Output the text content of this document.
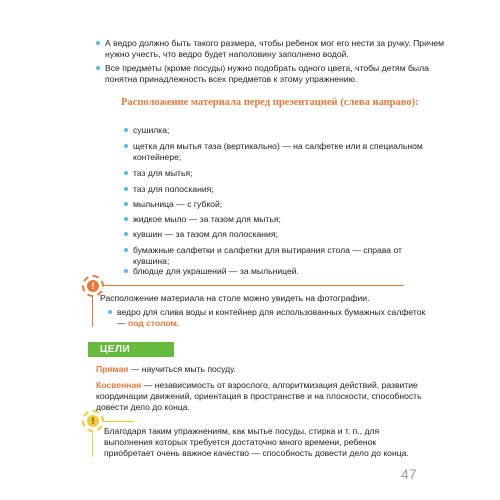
А ведро должно быть такого размера, чтобы ребенок мог его нести за ручку. Причем нужно учесть, что ведро будет наполовину заполнено водой.
Все предметы (кроме посуды) нужно подобрать одного цвета, чтобы детям была понятна принадлежность всех предметов к этому упражнению.
Расположение материала перед презентацией (слева направо):
сушилка;
щетка для мытья таза (вертикально) — на салфетке или в специальном контейнере;
таз для мытья;
таз для полоскания;
мыльница — с губкой;
жидкое мыло — за тазом для мытья;
кувшин — за тазом для полоскания;
бумажные салфетки и салфетки для вытирания стола — справа от кувшина;
блюдце для украшений — за мыльницей.
!
Расположение материала на столе можно увидеть на фотографии.
ведро для слива воды и контейнер для использованных бумажных салфеток — под столом.
ЦЕЛИ
Прямая — научиться мыть посуду.
Косвенная — независимость от взрослого, алгоритмизация действий, развитие координации движений, ориентация в пространстве и на плоскости, способность довести дело до конца.
!
Благодаря таким упражнениям, как мытье посуды, стирка и т. п., для выполнения которых требуется достаточно много времени, ребенок приобретает очень важное качество — способность довести дело до конца.
47
